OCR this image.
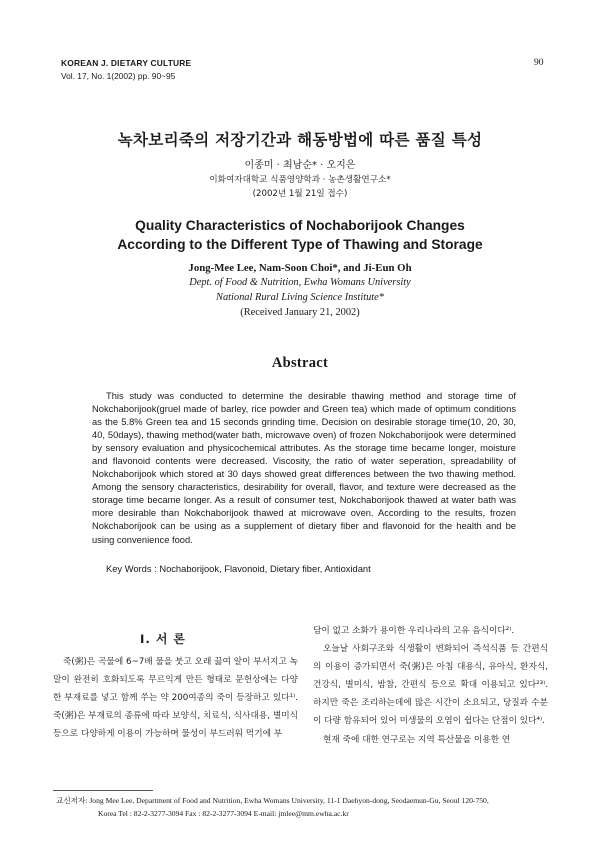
KOREAN J. DIETARY CULTURE
Vol. 17, No. 1(2002) pp. 90~95
90
녹차보리죽의 저장기간과 해동방법에 따른 품질 특성
이종미 · 최남순* · 오지은
이화여자대학교 식품영양학과 · 농촌생활연구소*
(2002년 1월 21일 접수)
Quality Characteristics of Nochaborijook Changes
According to the Different Type of Thawing and Storage
Jong-Mee Lee, Nam-Soon Choi*, and Ji-Eun Oh
Dept. of Food & Nutrition, Ewha Womans University
National Rural Living Science Institute*
(Received January 21, 2002)
Abstract
This study was conducted to determine the desirable thawing method and storage time of Nokchaborijook(gruel made of barley, rice powder and Green tea) which made of optimum conditions as the 5.8% Green tea and 15 seconds grinding time. Decision on desirable storage time(10, 20, 30, 40, 50days), thawing method(water bath, microwave oven) of frozen Nokchaborijook were determined by sensory evaluation and physicochemical attributes. As the storage time became longer, moisture and flavonoid contents were decreased. Viscosity, the ratio of water seperation, spreadability of Nokchaborijook which stored at 30 days showed great differences between the two thawing method. Among the sensory characteristics, desirability for overall, flavor, and texture were decreased as the storage time became longer. As a result of consumer test, Nokchaborijook thawed at water bath was more desirable than Nokchaborijook thawed at microwave oven. According to the results, frozen Nokchaborijook can be using as a supplement of dietary fiber and flavonoid for the health and be using convenience food.
Key Words : Nochaborijook, Flavonoid, Dietary fiber, Antioxidant
Ⅰ. 서 론
죽(粥)은 곡물에 6~7배 물을 붓고 오래 끓여 알이 부서지고 녹말이 완전히 호화되도록 무르익게 만든 형태로 문헌상에는 다양한 부재료를 넣고 함께 쑤는 약 200여종의 죽이 등장하고 있다¹⁾. 죽(粥)은 부재료의 종류에 따라 보양식, 치료식, 식사대용, 별미식 등으로 다양하게 이용이 가능하며 물성이 부드러워 먹기에 부
담이 없고 소화가 용이한 우리나라의 고유 음식이다²⁾.
오늘날 사회구조와 식생활이 변화되어 즉석식품 등 간편식의 이용이 증가되면서 죽(粥)은 아침 대용식, 유아식, 환자식, 건강식, 별미식, 밤참, 간편식 등으로 확대 이용되고 있다²³⁾. 하지만 죽은 조리하는데에 많은 시간이 소요되고, 당질과 수분이 다량 함유되어 있어 미생물의 오염이 쉽다는 단점이 있다⁴⁾.
현재 죽에 대한 연구로는 지역 특산물을 이용한 연
교신저자: Jong Mee Lee, Department of Food and Nutrition, Ewha Womans University, 11-1 Daehyon-dong, Seodaemun-Gu, Seoul 120-750,
Korea Tel : 82-2-3277-3094 Fax : 82-2-3277-3094 E-mail: jmlee@mm.ewha.ac.kr
